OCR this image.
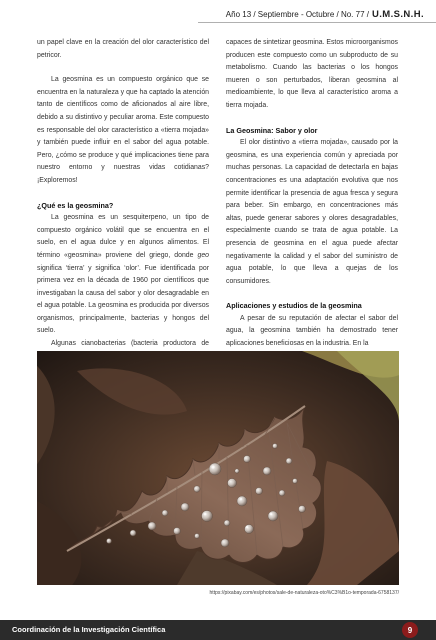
Año 13 / Septiembre - Octubre / No. 77 / U.M.S.N.H.

un papel clave en la creación del olor característico del petricor.

La geosmina es un compuesto orgánico que se encuentra en la naturaleza y que ha captado la atención tanto de científicos como de aficionados al aire libre, debido a su distintivo y peculiar aroma. Este compuesto es responsable del olor característico a «tierra mojada» y también puede influir en el sabor del agua potable. Pero, ¿cómo se produce y qué implicaciones tiene para nuestro entorno y nuestras vidas cotidianas? ¡Exploremos!

¿Qué es la geosmina?

La geosmina es un sesquiterpeno, un tipo de compuesto orgánico volátil que se encuentra en el suelo, en el agua dulce y en algunos alimentos. El término «geosmina» proviene del griego, donde geo significa ‘tierra’ y significa ‘olor’. Fue identificada por primera vez en la década de 1960 por científicos que investigaban la causa del sabor y olor desagradable en el agua potable. La geosmina es producida por diversos organismos, principalmente, bacterias y hongos del suelo.

Algunas cianobacterias (bacteria productora de

capaces de sintetizar geosmina. Estos microorganismos producen este compuesto como un subproducto de su metabolismo. Cuando las bacterias o los hongos mueren o son perturbados, liberan geosmina al medioambiente, lo que lleva al característico aroma a tierra mojada.

La Geosmina: Sabor y olor

El olor distintivo a «tierra mojada», causado por la geosmina, es una experiencia común y apreciada por muchas personas. La capacidad de detectarla en bajas concentraciones es una adaptación evolutiva que nos permite identificar la presencia de agua fresca y segura para beber. Sin embargo, en concentraciones más altas, puede generar sabores y olores desagradables, especialmente cuando se trata de agua potable. La presencia de geosmina en el agua puede afectar negativamente la calidad y el sabor del suministro de agua potable, lo que lleva a quejas de los consumidores.

Aplicaciones y estudios de la geosmina

A pesar de su reputación de afectar el sabor del agua, la geosmina también ha demostrado tener aplicaciones beneficiosas en la industria. En la

https://pixabay.com/es/photos/sale-de-naturaleza-oto%C3%B1o-temporada-6758137/
Coordinación de la Investigación Científica	9
